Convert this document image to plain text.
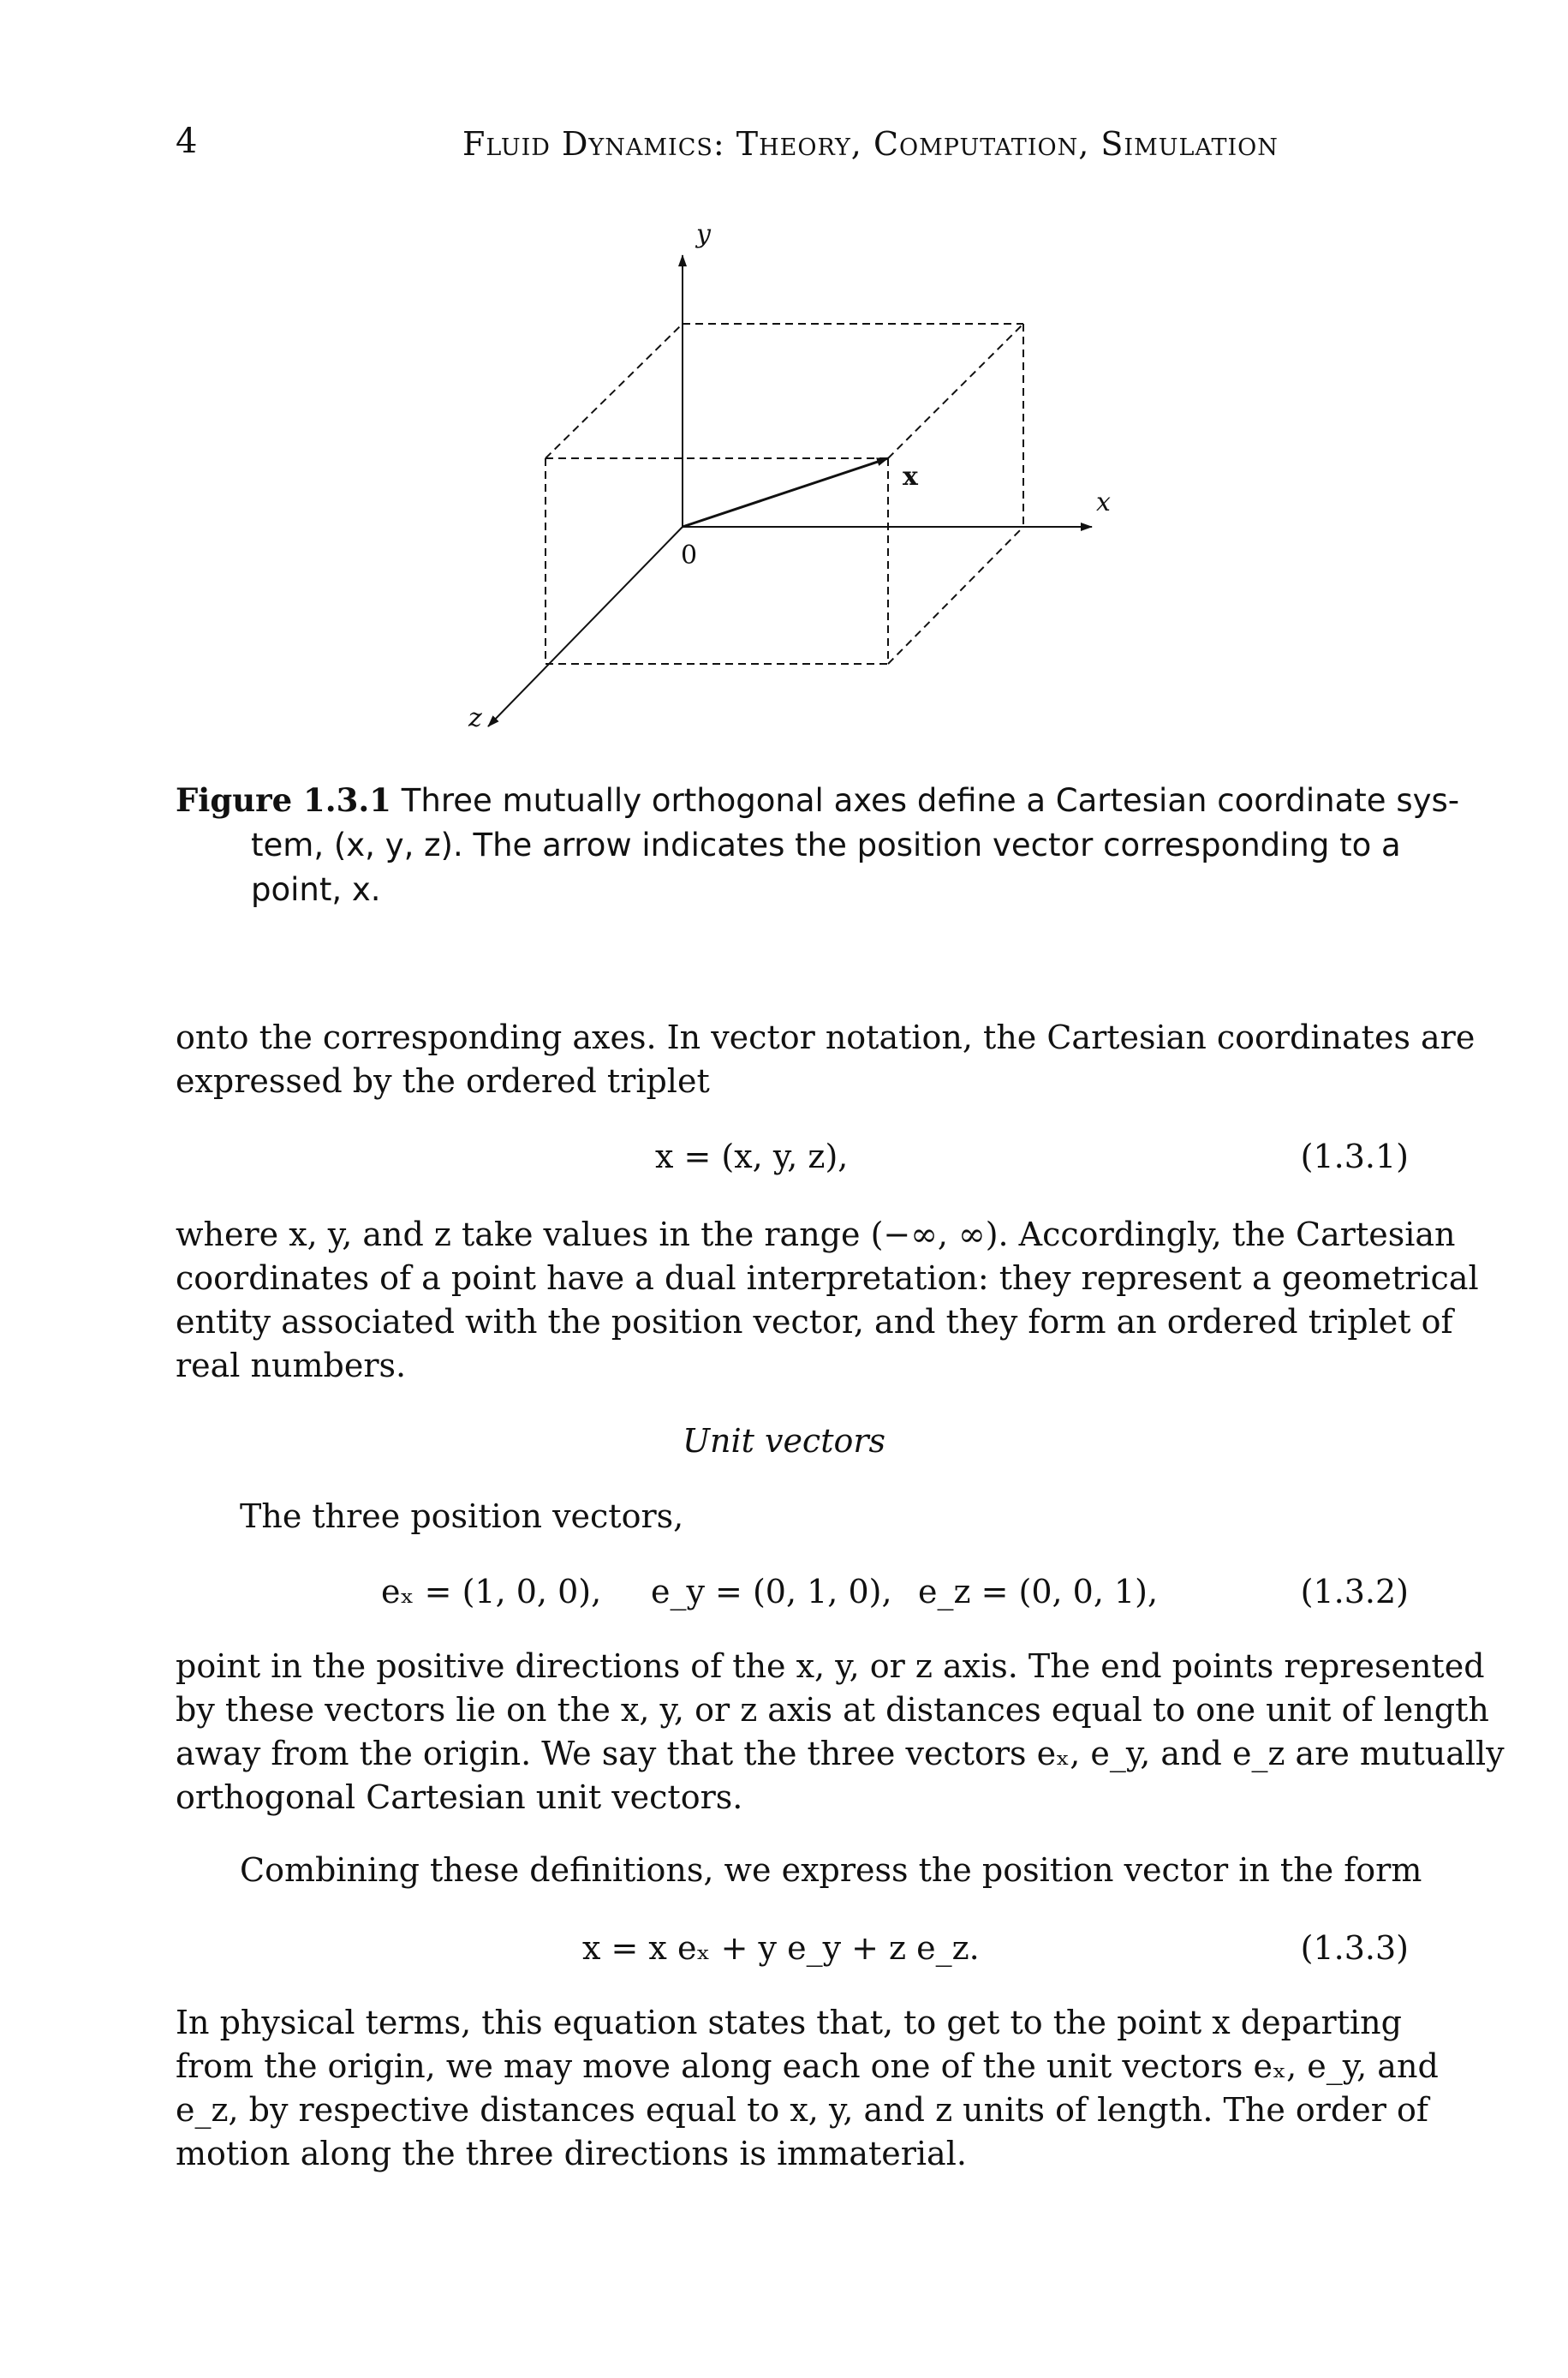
4	Fluid Dynamics: Theory, Computation, Simulation
y
x
z
0
x
Figure 1.3.1 Three mutually orthogonal axes define a Cartesian coordinate sys-
tem, (x, y, z). The arrow indicates the position vector corresponding to a
point, x.
onto the corresponding axes. In vector notation, the Cartesian coordinates are
expressed by the ordered triplet
x = (x, y, z),	(1.3.1)
where x, y, and z take values in the range (−∞, ∞). Accordingly, the Cartesian
coordinates of a point have a dual interpretation: they represent a geometrical
entity associated with the position vector, and they form an ordered triplet of
real numbers.
Unit vectors
The three position vectors,
eₓ = (1, 0, 0), e_y = (0, 1, 0), e_z = (0, 0, 1),	(1.3.2)
point in the positive directions of the x, y, or z axis. The end points represented
by these vectors lie on the x, y, or z axis at distances equal to one unit of length
away from the origin. We say that the three vectors eₓ, e_y, and e_z are mutually
orthogonal Cartesian unit vectors.
Combining these definitions, we express the position vector in the form
x = x eₓ + y e_y + z e_z.	(1.3.3)
In physical terms, this equation states that, to get to the point x departing
from the origin, we may move along each one of the unit vectors eₓ, e_y, and
e_z, by respective distances equal to x, y, and z units of length. The order of
motion along the three directions is immaterial.
